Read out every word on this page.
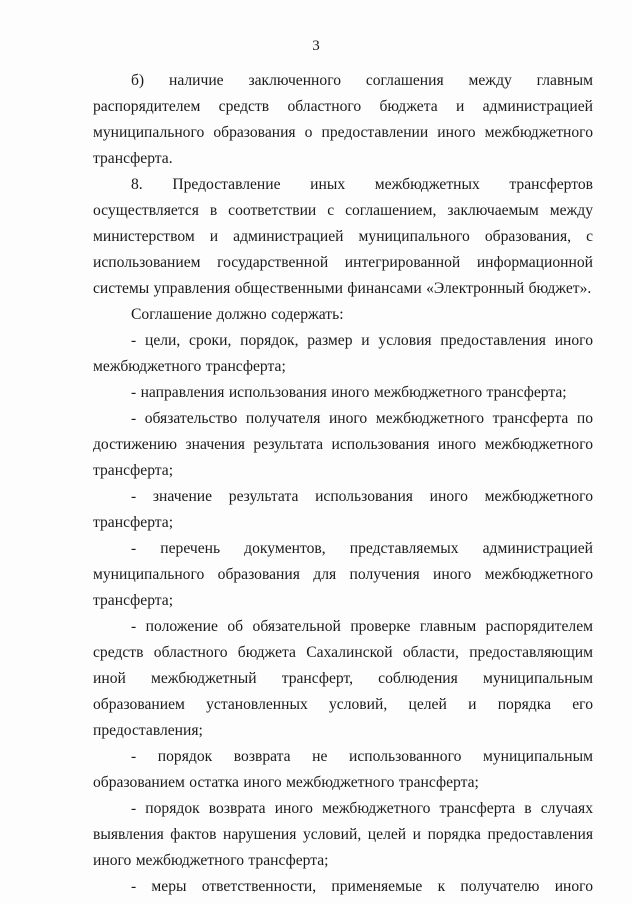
3

б) наличие заключенного соглашения между главным распорядителем средств областного бюджета и администрацией муниципального образования о предоставлении иного межбюджетного трансферта.

8. Предоставление иных межбюджетных трансфертов осуществляется в соответствии с соглашением, заключаемым между министерством и администрацией муниципального образования, с использованием государственной интегрированной информационной системы управления общественными финансами «Электронный бюджет».

Соглашение должно содержать:

- цели, сроки, порядок, размер и условия предоставления иного межбюджетного трансферта;

- направления использования иного межбюджетного трансферта;

- обязательство получателя иного межбюджетного трансферта по достижению значения результата использования иного межбюджетного трансферта;

- значение результата использования иного межбюджетного трансферта;

- перечень документов, представляемых администрацией муниципального образования для получения иного межбюджетного трансферта;

- положение об обязательной проверке главным распорядителем средств областного бюджета Сахалинской области, предоставляющим иной межбюджетный трансферт, соблюдения муниципальным образованием установленных условий, целей и порядка его предоставления;

- порядок возврата не использованного муниципальным образованием остатка иного межбюджетного трансферта;

- порядок возврата иного межбюджетного трансферта в случаях выявления фактов нарушения условий, целей и порядка предоставления иного межбюджетного трансферта;

- меры ответственности, применяемые к получателю иного
